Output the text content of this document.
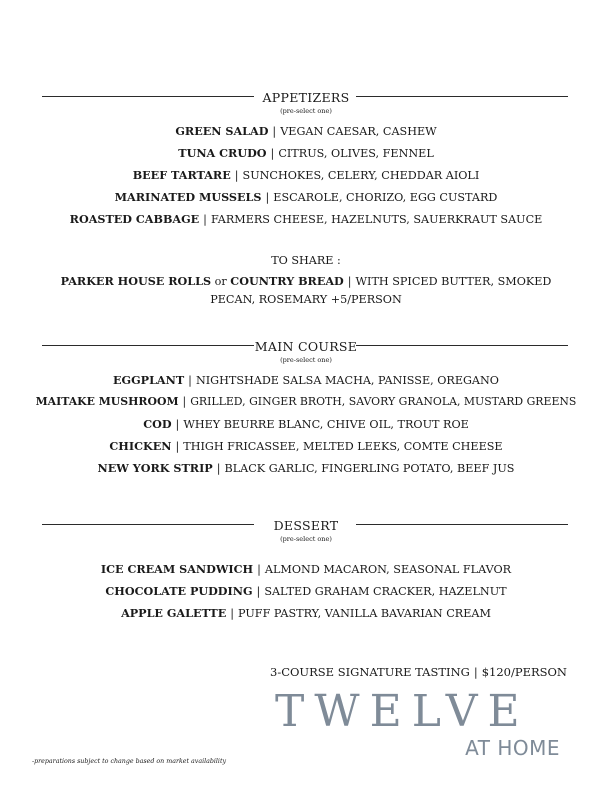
APPETIZERS
(pre-select one)
GREEN SALAD | VEGAN CAESAR, CASHEW
TUNA CRUDO | CITRUS, OLIVES, FENNEL
BEEF TARTARE | SUNCHOKES, CELERY, CHEDDAR AIOLI
MARINATED MUSSELS | ESCAROLE, CHORIZO, EGG CUSTARD
ROASTED CABBAGE | FARMERS CHEESE, HAZELNUTS, SAUERKRAUT SAUCE
TO SHARE :
PARKER HOUSE ROLLS or COUNTRY BREAD | WITH SPICED BUTTER, SMOKED PECAN, ROSEMARY +5/PERSON
MAIN COURSE
(pre-select one)
EGGPLANT | NIGHTSHADE SALSA MACHA, PANISSE, OREGANO
MAITAKE MUSHROOM | GRILLED, GINGER BROTH, SAVORY GRANOLA, MUSTARD GREENS
COD | WHEY BEURRE BLANC, CHIVE OIL, TROUT ROE
CHICKEN | THIGH FRICASSEE, MELTED LEEKS, COMTE CHEESE
NEW YORK STRIP | BLACK GARLIC, FINGERLING POTATO, BEEF JUS
DESSERT
(pre-select one)
ICE CREAM SANDWICH | ALMOND MACARON, SEASONAL FLAVOR
CHOCOLATE PUDDING | SALTED GRAHAM CRACKER, HAZELNUT
APPLE GALETTE | PUFF PASTRY, VANILLA BAVARIAN CREAM
3-COURSE SIGNATURE TASTING | $120/PERSON
TWELVE
AT HOME
-preparations subject to change based on market availability
